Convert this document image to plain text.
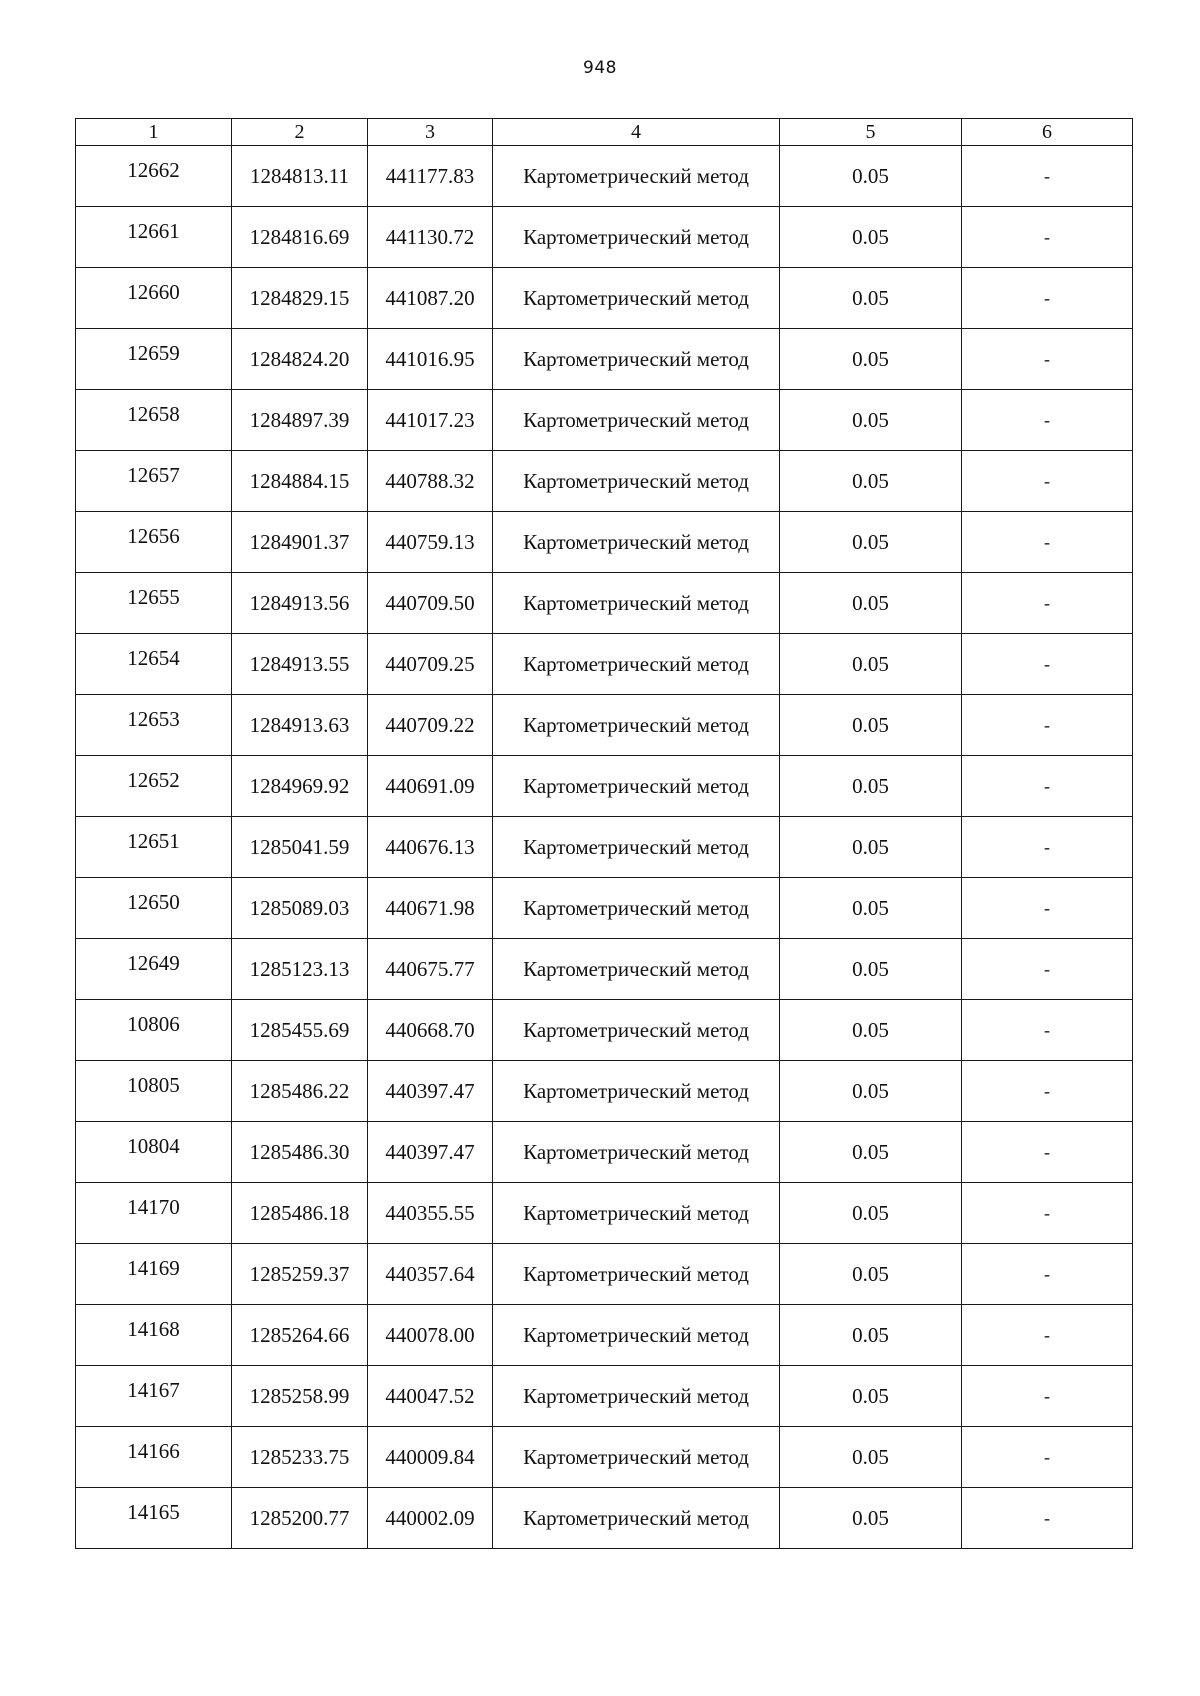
948
1	2	3	4	5	6
12662	1284813.11	441177.83	Картометрический метод	0.05	-
12661	1284816.69	441130.72	Картометрический метод	0.05	-
12660	1284829.15	441087.20	Картометрический метод	0.05	-
12659	1284824.20	441016.95	Картометрический метод	0.05	-
12658	1284897.39	441017.23	Картометрический метод	0.05	-
12657	1284884.15	440788.32	Картометрический метод	0.05	-
12656	1284901.37	440759.13	Картометрический метод	0.05	-
12655	1284913.56	440709.50	Картометрический метод	0.05	-
12654	1284913.55	440709.25	Картометрический метод	0.05	-
12653	1284913.63	440709.22	Картометрический метод	0.05	-
12652	1284969.92	440691.09	Картометрический метод	0.05	-
12651	1285041.59	440676.13	Картометрический метод	0.05	-
12650	1285089.03	440671.98	Картометрический метод	0.05	-
12649	1285123.13	440675.77	Картометрический метод	0.05	-
10806	1285455.69	440668.70	Картометрический метод	0.05	-
10805	1285486.22	440397.47	Картометрический метод	0.05	-
10804	1285486.30	440397.47	Картометрический метод	0.05	-
14170	1285486.18	440355.55	Картометрический метод	0.05	-
14169	1285259.37	440357.64	Картометрический метод	0.05	-
14168	1285264.66	440078.00	Картометрический метод	0.05	-
14167	1285258.99	440047.52	Картометрический метод	0.05	-
14166	1285233.75	440009.84	Картометрический метод	0.05	-
14165	1285200.77	440002.09	Картометрический метод	0.05	-
